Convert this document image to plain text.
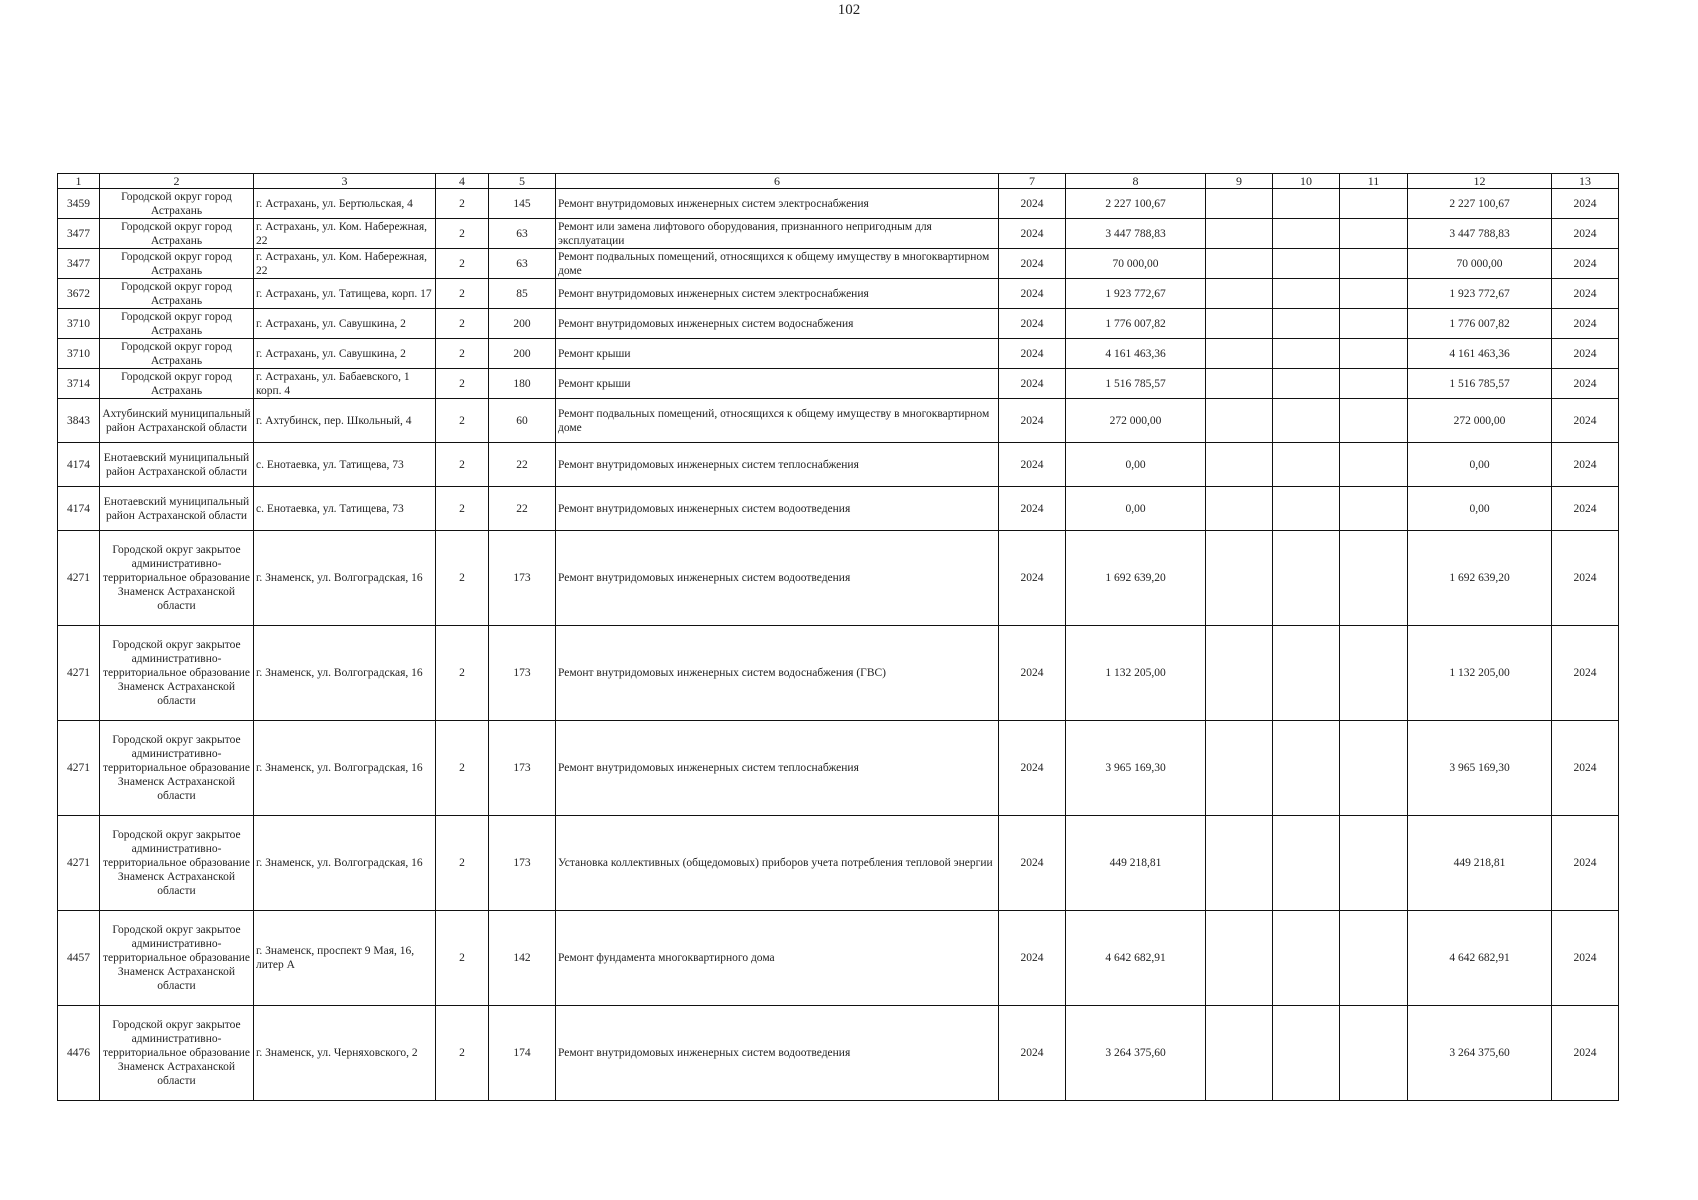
102
1	2	3	4	5	6	7	8	9	10	11	12	13
3459	Городской округ город Астрахань	г. Астрахань, ул. Бертюльская, 4	2	145	Ремонт внутридомовых инженерных систем электроснабжения	2024	2 227 100,67				2 227 100,67	2024
3477	Городской округ город Астрахань	г. Астрахань, ул. Ком. Набережная, 22	2	63	Ремонт или замена лифтового оборудования, признанного непригодным для эксплуатации	2024	3 447 788,83				3 447 788,83	2024
3477	Городской округ город Астрахань	г. Астрахань, ул. Ком. Набережная, 22	2	63	Ремонт подвальных помещений, относящихся к общему имуществу в многоквартирном доме	2024	70 000,00				70 000,00	2024
3672	Городской округ город Астрахань	г. Астрахань, ул. Татищева, корп. 17	2	85	Ремонт внутридомовых инженерных систем электроснабжения	2024	1 923 772,67				1 923 772,67	2024
3710	Городской округ город Астрахань	г. Астрахань, ул. Савушкина, 2	2	200	Ремонт внутридомовых инженерных систем водоснабжения	2024	1 776 007,82				1 776 007,82	2024
3710	Городской округ город Астрахань	г. Астрахань, ул. Савушкина, 2	2	200	Ремонт крыши	2024	4 161 463,36				4 161 463,36	2024
3714	Городской округ город Астрахань	г. Астрахань, ул. Бабаевского, 1 корп. 4	2	180	Ремонт крыши	2024	1 516 785,57				1 516 785,57	2024
3843	Ахтубинский муниципальный район Астраханской области	г. Ахтубинск, пер. Школьный, 4	2	60	Ремонт подвальных помещений, относящихся к общему имуществу в многоквартирном доме	2024	272 000,00				272 000,00	2024
4174	Енотаевский муниципальный район Астраханской области	с. Енотаевка, ул. Татищева, 73	2	22	Ремонт внутридомовых инженерных систем теплоснабжения	2024	0,00				0,00	2024
4174	Енотаевский муниципальный район Астраханской области	с. Енотаевка, ул. Татищева, 73	2	22	Ремонт внутридомовых инженерных систем водоотведения	2024	0,00				0,00	2024
4271	Городской округ закрытое административно-территориальное образование Знаменск Астраханской области	г. Знаменск, ул. Волгоградская, 16	2	173	Ремонт внутридомовых инженерных систем водоотведения	2024	1 692 639,20				1 692 639,20	2024
4271	Городской округ закрытое административно-территориальное образование Знаменск Астраханской области	г. Знаменск, ул. Волгоградская, 16	2	173	Ремонт внутридомовых инженерных систем водоснабжения (ГВС)	2024	1 132 205,00				1 132 205,00	2024
4271	Городской округ закрытое административно-территориальное образование Знаменск Астраханской области	г. Знаменск, ул. Волгоградская, 16	2	173	Ремонт внутридомовых инженерных систем теплоснабжения	2024	3 965 169,30				3 965 169,30	2024
4271	Городской округ закрытое административно-территориальное образование Знаменск Астраханской области	г. Знаменск, ул. Волгоградская, 16	2	173	Установка коллективных (общедомовых) приборов учета потребления тепловой энергии	2024	449 218,81				449 218,81	2024
4457	Городской округ закрытое административно-территориальное образование Знаменск Астраханской области	г. Знаменск, проспект 9 Мая, 16, литер А	2	142	Ремонт фундамента многоквартирного дома	2024	4 642 682,91				4 642 682,91	2024
4476	Городской округ закрытое административно-территориальное образование Знаменск Астраханской области	г. Знаменск, ул. Черняховского, 2	2	174	Ремонт внутридомовых инженерных систем водоотведения	2024	3 264 375,60				3 264 375,60	2024
